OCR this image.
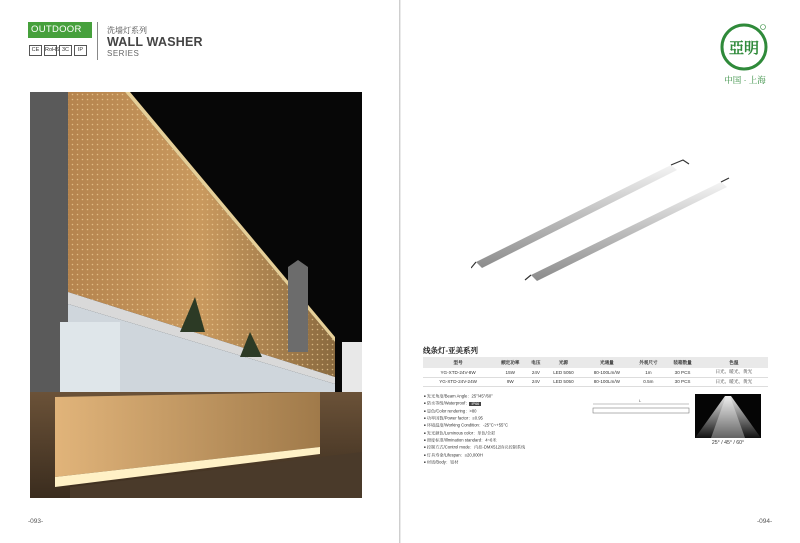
OUTDOOR
CE	RoHS 3C	IP
洗墙灯系列
WALL WASHER
SERIES
-093-
亞明
中国 · 上海
线条灯-亚美系列
型号	额定功率	电压	光源	光通量	外观尺寸	装箱数量	色温
YG-XTD-24V-8W	15W	24V	LED 5050	80-100Lm/W	1m	30 PCS	日光、暖光、黄光
YG-XTD-24V-24W	9W	24V	LED 5050	80-100Lm/W	0.5m	30 PCS	日光、暖光、黄光
■ 发光角度/Beam Angle：25°/45°/60°
■ 防水等级/Waterproof： IP66
■ 显色/Color rendering：>80
■ 功率因数/Power factor：≥0.95
■ 环境温度/Working Condition：-25°C~+55°C
■ 发光颜色/Luminous color：单色/全彩
■ 照度标准/Illmination standard：4~6米
■ 控制方式/Control mode：内控-DMX512协议控制系统
■ 灯具寿命/Lifespan：≥20,000H
■ 材质/Body：铝材
L
25° / 45° / 60°
-094-
